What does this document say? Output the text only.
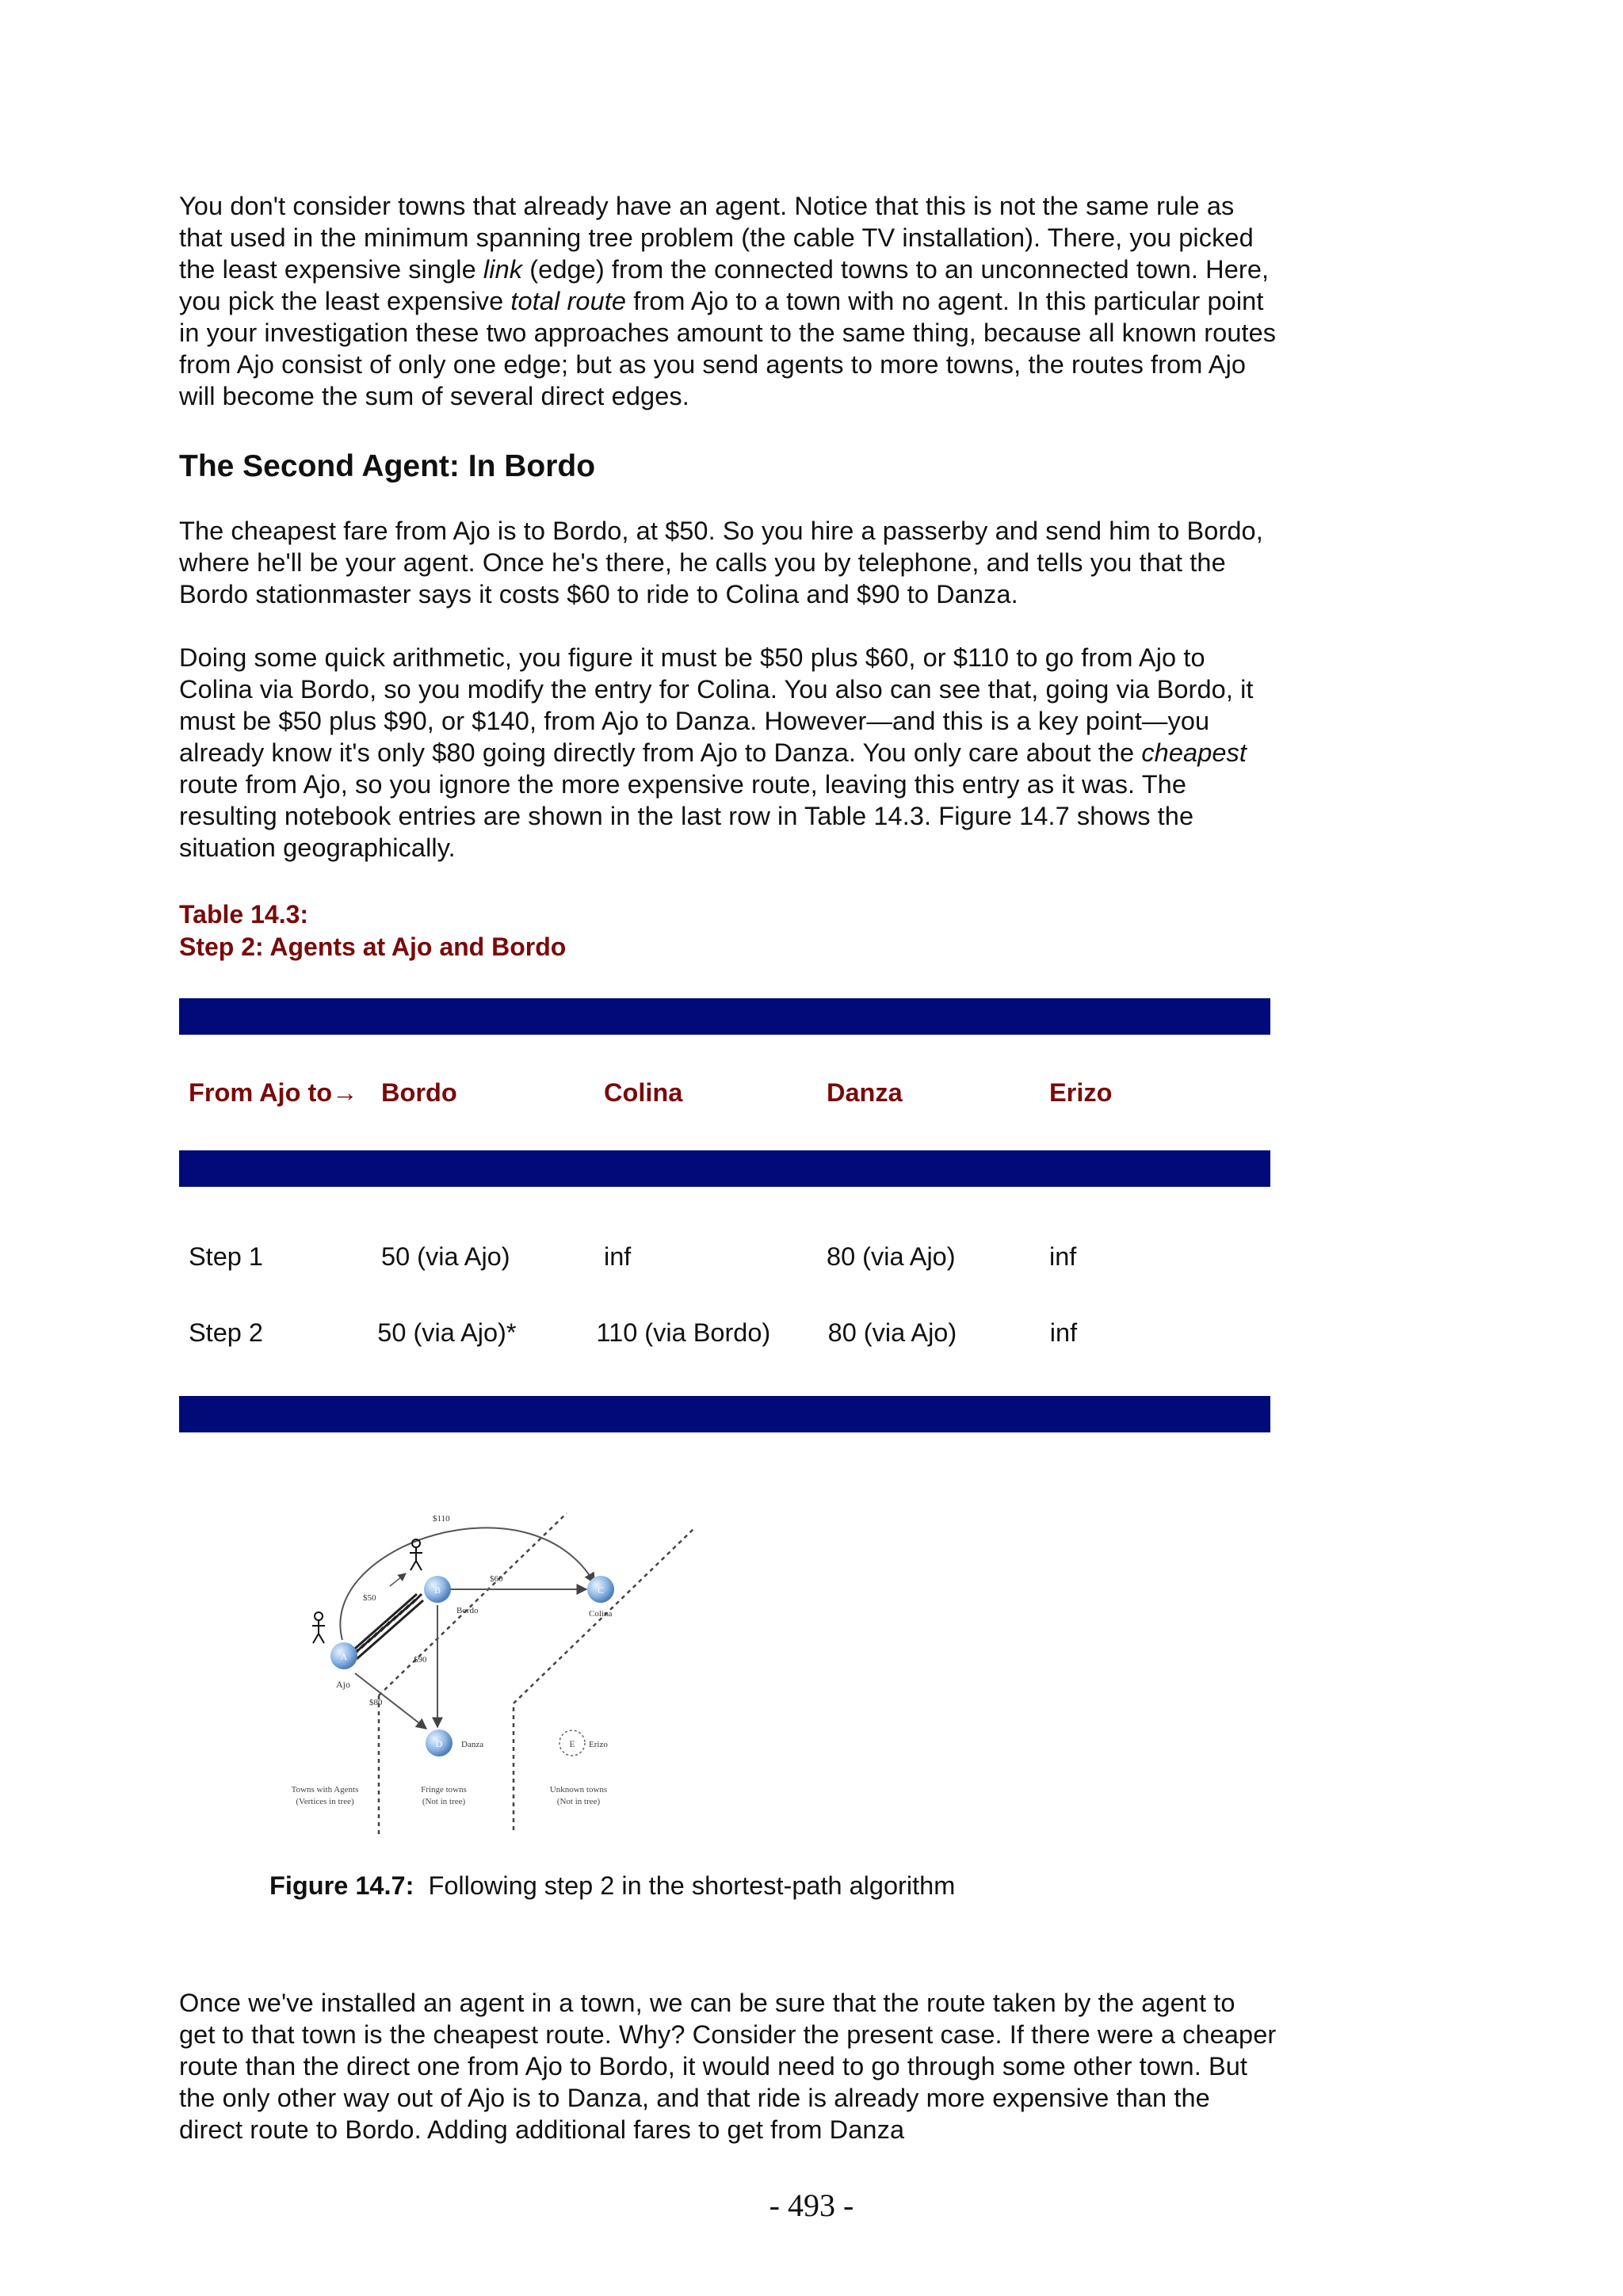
You don't consider towns that already have an agent. Notice that this is not the same rule as that used in the minimum spanning tree problem (the cable TV installation). There, you picked the least expensive single link (edge) from the connected towns to an unconnected town. Here, you pick the least expensive total route from Ajo to a town with no agent. In this particular point in your investigation these two approaches amount to the same thing, because all known routes from Ajo consist of only one edge; but as you send agents to more towns, the routes from Ajo will become the sum of several direct edges.

The Second Agent: In Bordo

The cheapest fare from Ajo is to Bordo, at $50. So you hire a passerby and send him to Bordo, where he'll be your agent. Once he's there, he calls you by telephone, and tells you that the Bordo stationmaster says it costs $60 to ride to Colina and $90 to Danza.

Doing some quick arithmetic, you figure it must be $50 plus $60, or $110 to go from Ajo to Colina via Bordo, so you modify the entry for Colina. You also can see that, going via Bordo, it must be $50 plus $90, or $140, from Ajo to Danza. However—and this is a key point—you already know it's only $80 going directly from Ajo to Danza. You only care about the cheapest route from Ajo, so you ignore the more expensive route, leaving this entry as it was. The resulting notebook entries are shown in the last row in Table 14.3. Figure 14.7 shows the situation geographically.

Table 14.3:
Step 2: Agents at Ajo and Bordo
From Ajo to→ Bordo	Colina	Danza	Erizo
Step 1	50 (via Ajo)	inf	80 (via Ajo)	inf
Step 2	50 (via Ajo)*	110 (via Bordo)	80 (via Ajo)	inf
A
Ajo
B
Bordo
C
Colina
D Danza	E Erizo
$110
$60
$50
$90
$80
Towns with Agents
(Vertices in tree)
Fringe towns
(Not in tree)
Unknown towns
(Not in tree)
Figure 14.7: Following step 2 in the shortest-path algorithm

Once we've installed an agent in a town, we can be sure that the route taken by the agent to get to that town is the cheapest route. Why? Consider the present case. If there were a cheaper route than the direct one from Ajo to Bordo, it would need to go through some other town. But the only other way out of Ajo is to Danza, and that ride is already more expensive than the direct route to Bordo. Adding additional fares to get from Danza

- 493 -
